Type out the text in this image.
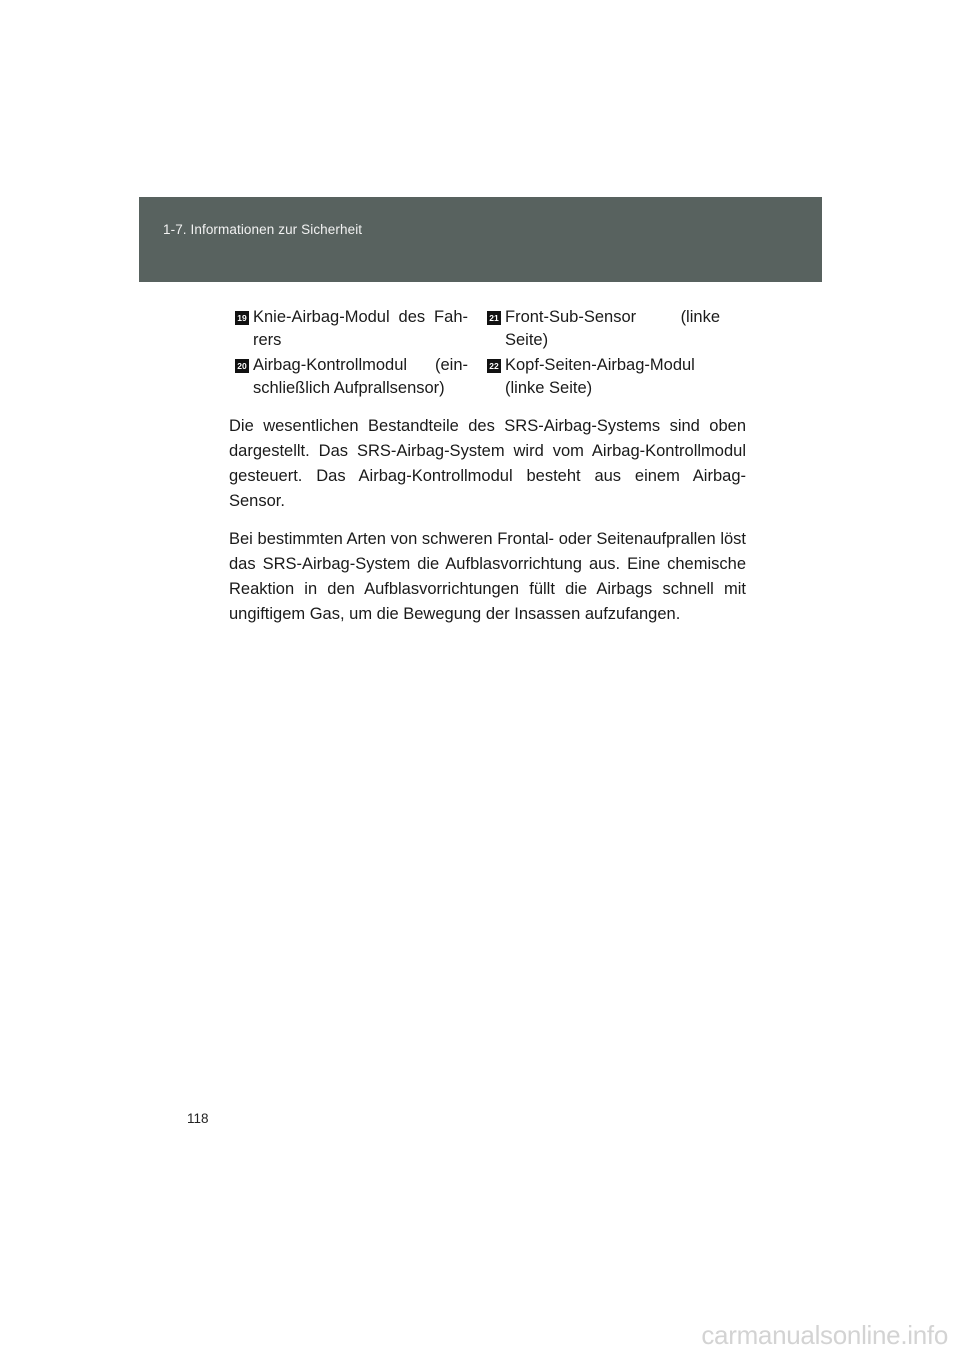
1-7. Informationen zur Sicherheit
19 Knie-Airbag-Modul des Fah-
rers
21 Front-Sub-Sensor (linke
Seite)
20 Airbag-Kontrollmodul (ein-
schließlich Aufprallsensor)
22 Kopf-Seiten-Airbag-Modul
(linke Seite)

Die wesentlichen Bestandteile des SRS-Airbag-Systems sind oben dargestellt. Das SRS-Airbag-System wird vom Airbag-Kontrollmodul gesteuert. Das Airbag-Kontrollmodul besteht aus einem Airbag-Sensor.

Bei bestimmten Arten von schweren Frontal- oder Seitenaufprallen löst das SRS-Airbag-System die Aufblasvorrichtung aus. Eine chemische Reaktion in den Aufblasvorrichtungen füllt die Airbags schnell mit ungiftigem Gas, um die Bewegung der Insassen aufzufangen.

118
carmanualsonline.info
